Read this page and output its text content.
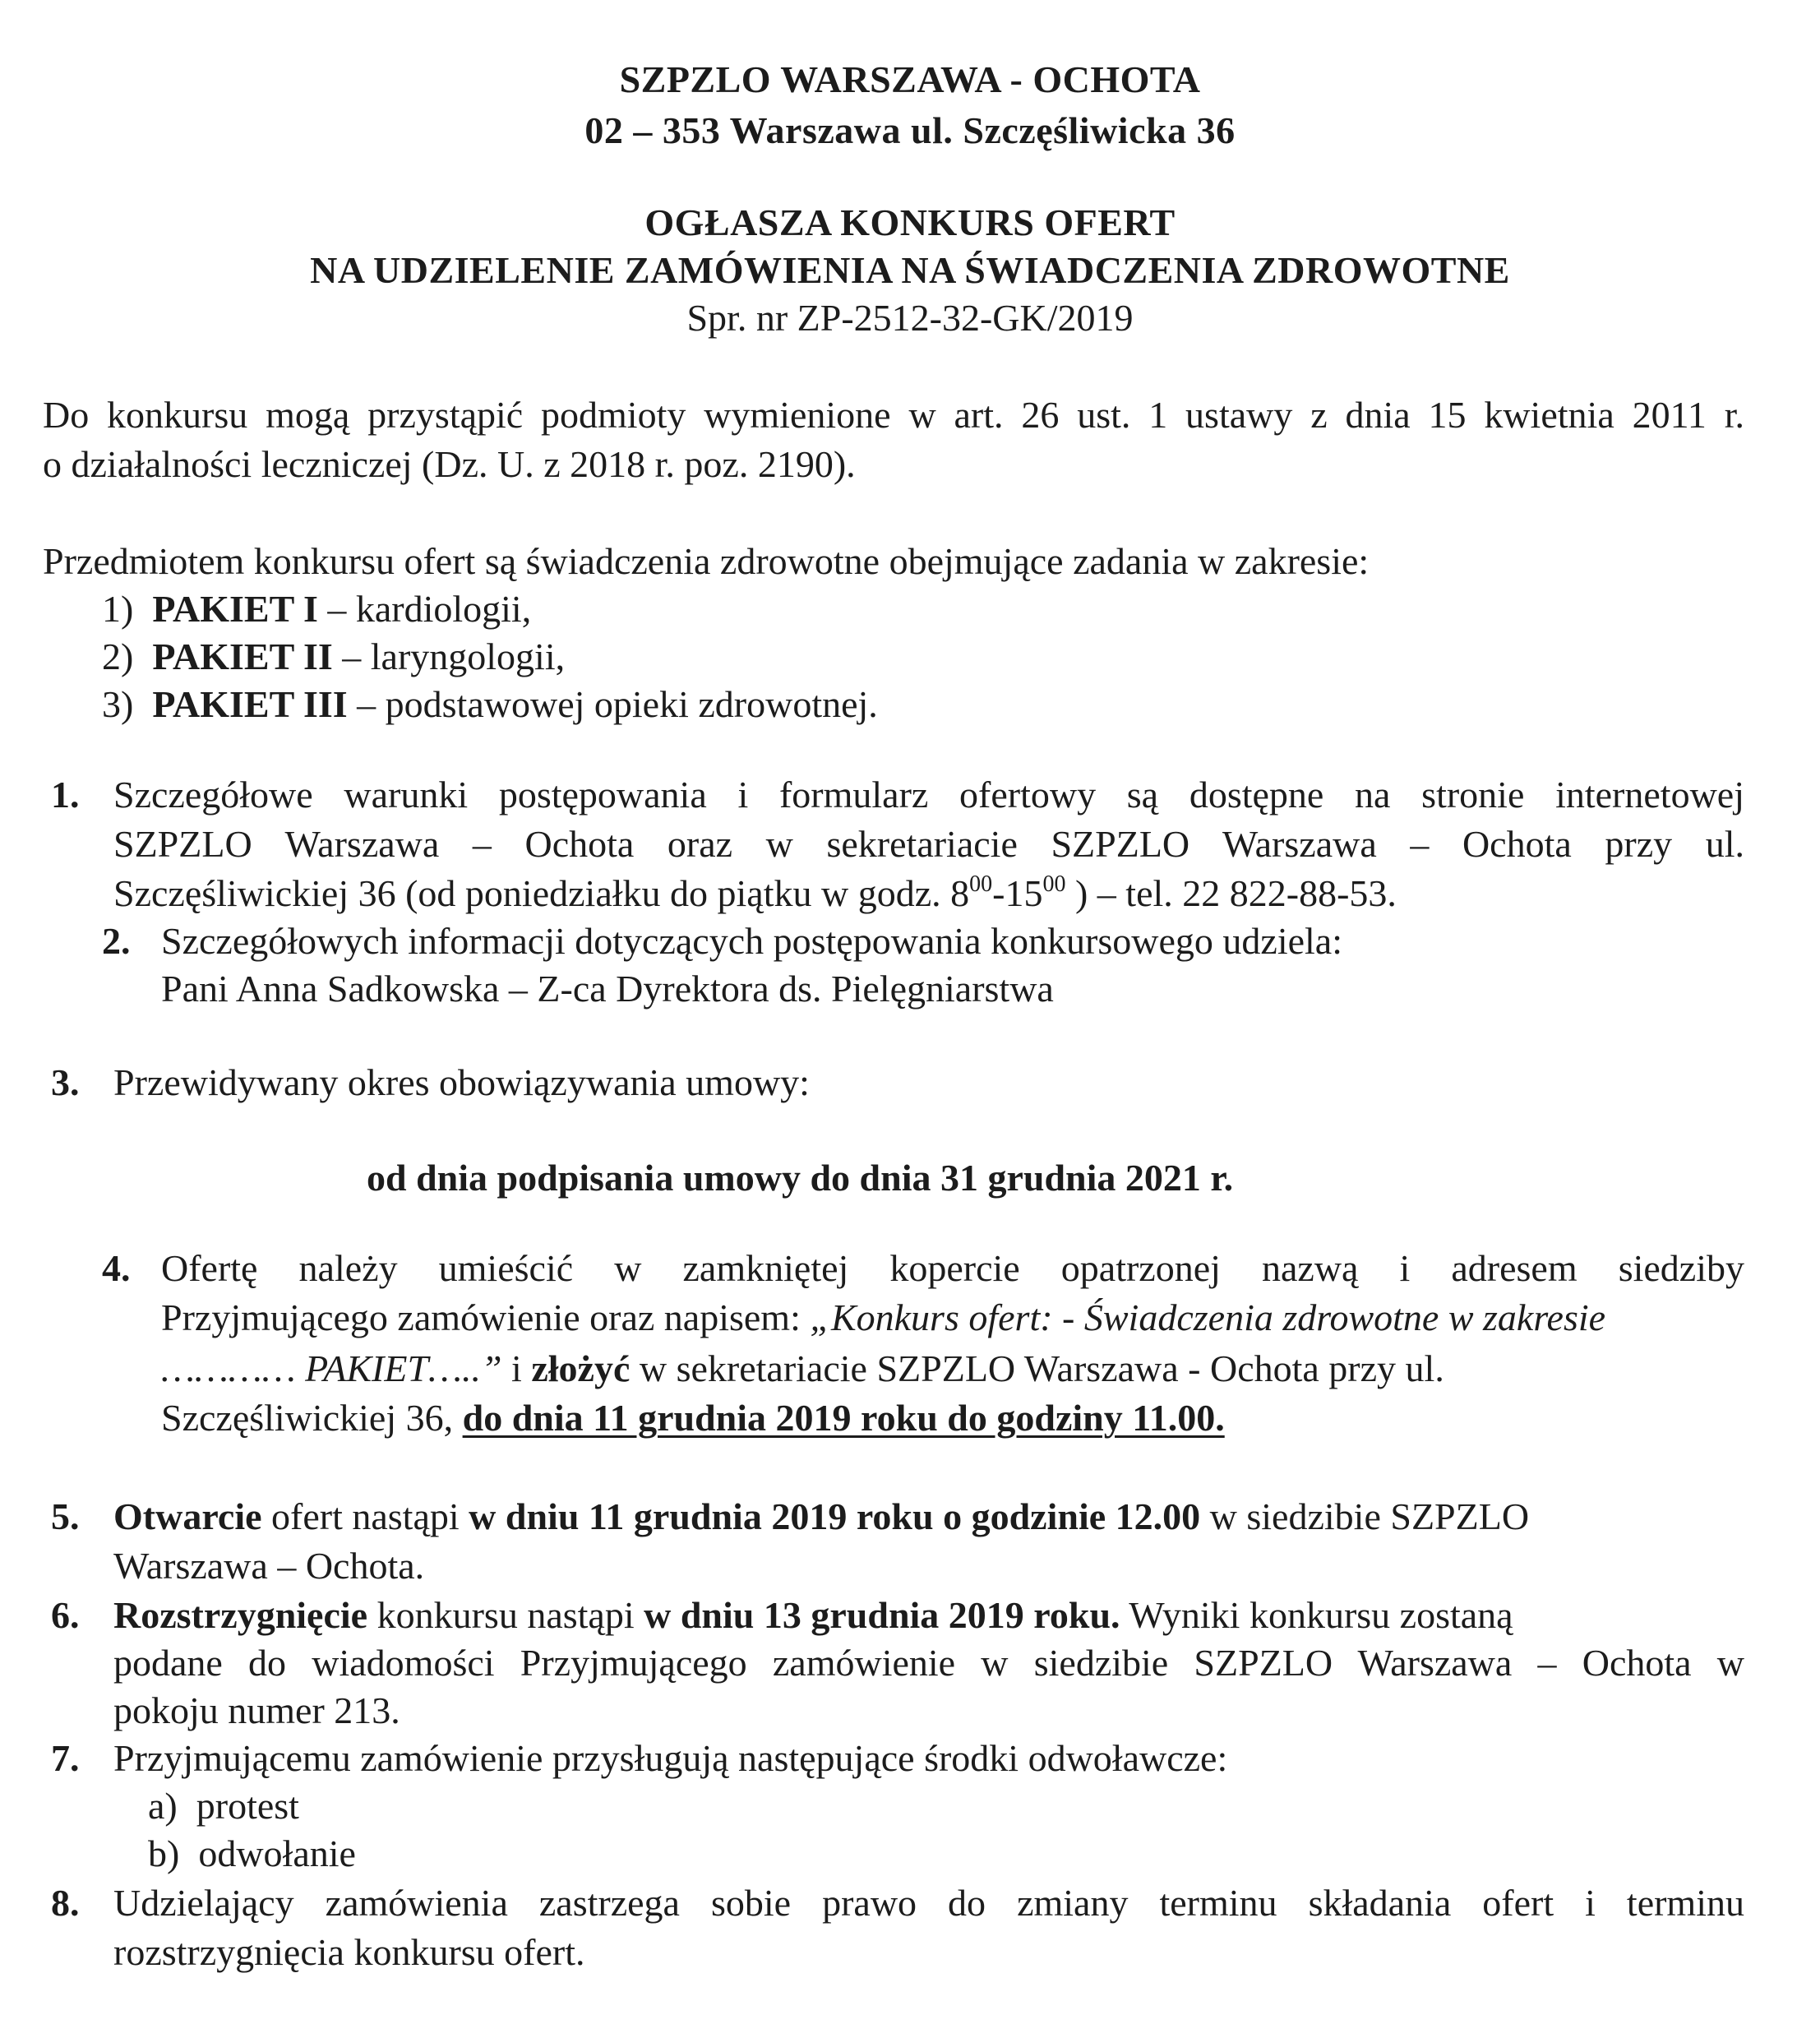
SZPZLO WARSZAWA - OCHOTA
02 – 353 Warszawa ul. Szczęśliwicka 36
OGŁASZA KONKURS OFERT
NA UDZIELENIE ZAMÓWIENIA NA ŚWIADCZENIA ZDROWOTNE
Spr. nr ZP-2512-32-GK/2019
Do konkursu mogą przystąpić podmioty wymienione w art. 26 ust. 1 ustawy z dnia 15 kwietnia 2011 r.
o działalności leczniczej (Dz. U. z 2018 r. poz. 2190).
Przedmiotem konkursu ofert są świadczenia zdrowotne obejmujące zadania w zakresie:
1) PAKIET I – kardiologii,
2) PAKIET II – laryngologii,
3) PAKIET III – podstawowej opieki zdrowotnej.
1. Szczegółowe warunki postępowania i formularz ofertowy są dostępne na stronie internetowej
SZPZLO Warszawa – Ochota oraz w sekretariacie SZPZLO Warszawa – Ochota przy ul.
Szczęśliwickiej 36 (od poniedziałku do piątku w godz. $8^{00}-15^{00}$ ) – tel. 22 822-88-53.
2. Szczegółowych informacji dotyczących postępowania konkursowego udziela:
Pani Anna Sadkowska – Z-ca Dyrektora ds. Pielęgniarstwa
3. Przewidywany okres obowiązywania umowy:
od dnia podpisania umowy do dnia 31 grudnia 2021 r.
4. Ofertę należy umieścić w zamkniętej kopercie opatrzonej nazwą i adresem siedziby
Przyjmującego zamówienie oraz napisem: „Konkurs ofert: - Świadczenia zdrowotne w zakresie
………… PAKIET…..” i złożyć w sekretariacie SZPZLO Warszawa - Ochota przy ul.
Szczęśliwickiej 36, do dnia 11 grudnia 2019 roku do godziny 11.00.
5. Otwarcie ofert nastąpi w dniu 11 grudnia 2019 roku o godzinie 12.00 w siedzibie SZPZLO
Warszawa – Ochota.
6. Rozstrzygnięcie konkursu nastąpi w dniu 13 grudnia 2019 roku. Wyniki konkursu zostaną
podane do wiadomości Przyjmującego zamówienie w siedzibie SZPZLO Warszawa – Ochota w
pokoju numer 213.
7. Przyjmującemu zamówienie przysługują następujące środki odwoławcze:
a) protest
b) odwołanie
8. Udzielający zamówienia zastrzega sobie prawo do zmiany terminu składania ofert i terminu
rozstrzygnięcia konkursu ofert.
